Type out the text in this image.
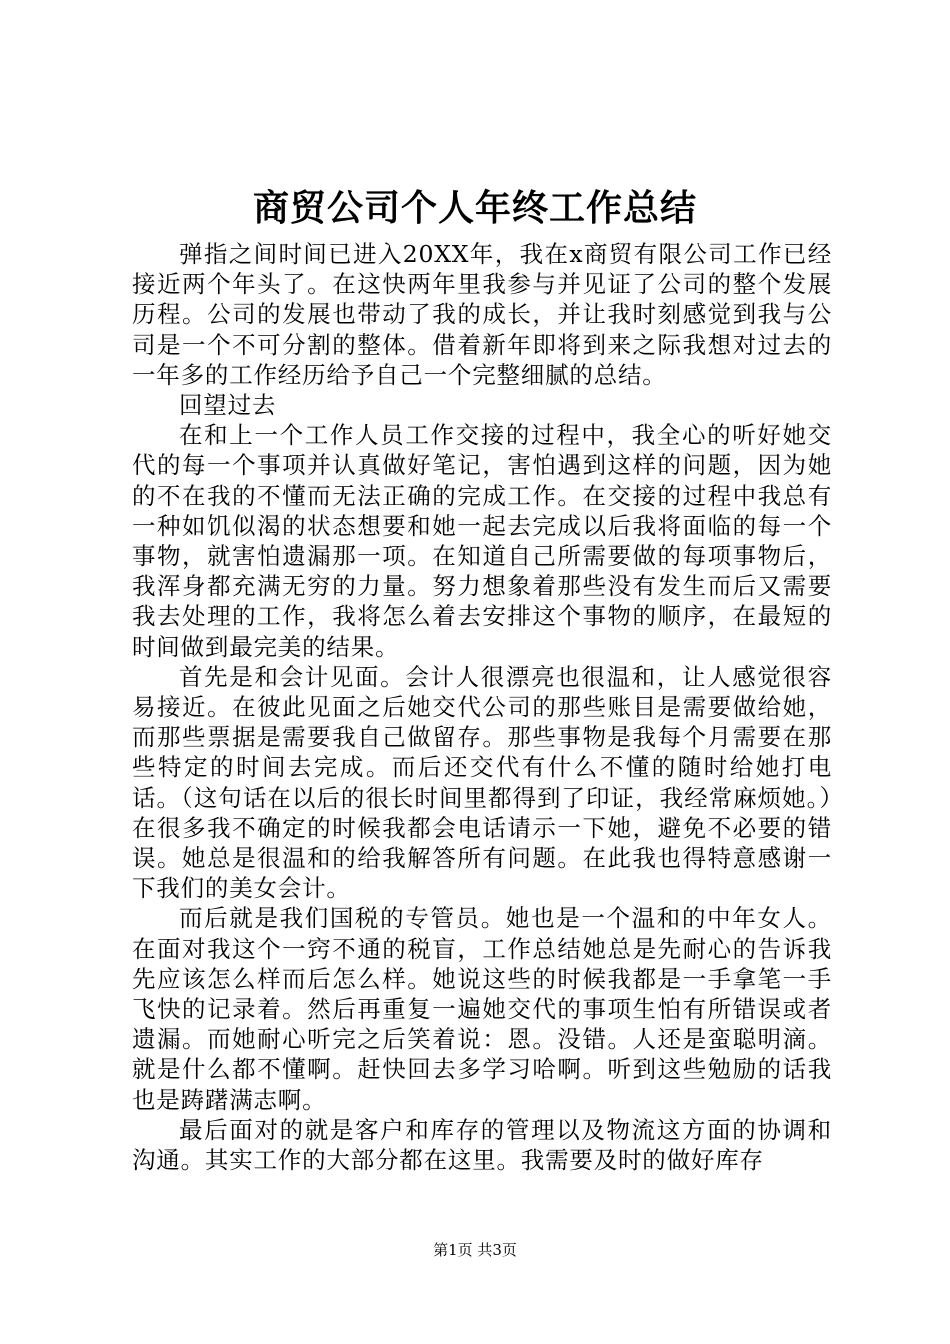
商贸公司个人年终工作总结

弹指之间时间已进入20XX年，我在x商贸有限公司工作已经接近两个年头了。在这快两年里我参与并见证了公司的整个发展历程。公司的发展也带动了我的成长，并让我时刻感觉到我与公司是一个不可分割的整体。借着新年即将到来之际我想对过去的一年多的工作经历给予自己一个完整细腻的总结。

回望过去

在和上一个工作人员工作交接的过程中，我全心的听好她交代的每一个事项并认真做好笔记，害怕遇到这样的问题，因为她的不在我的不懂而无法正确的完成工作。在交接的过程中我总有一种如饥似渴的状态想要和她一起去完成以后我将面临的每一个事物，就害怕遗漏那一项。在知道自己所需要做的每项事物后，我浑身都充满无穷的力量。努力想象着那些没有发生而后又需要我去处理的工作，我将怎么着去安排这个事物的顺序，在最短的时间做到最完美的结果。

首先是和会计见面。会计人很漂亮也很温和，让人感觉很容易接近。在彼此见面之后她交代公司的那些账目是需要做给她，而那些票据是需要我自己做留存。那些事物是我每个月需要在那些特定的时间去完成。而后还交代有什么不懂的随时给她打电话。（这句话在以后的很长时间里都得到了印证，我经常麻烦她。）在很多我不确定的时候我都会电话请示一下她，避免不必要的错误。她总是很温和的给我解答所有问题。在此我也得特意感谢一下我们的美女会计。

而后就是我们国税的专管员。她也是一个温和的中年女人。在面对我这个一窍不通的税盲，工作总结她总是先耐心的告诉我先应该怎么样而后怎么样。她说这些的时候我都是一手拿笔一手飞快的记录着。然后再重复一遍她交代的事项生怕有所错误或者遗漏。而她耐心听完之后笑着说：恩。没错。人还是蛮聪明滴。就是什么都不懂啊。赶快回去多学习哈啊。听到这些勉励的话我也是踌躇满志啊。

最后面对的就是客户和库存的管理以及物流这方面的协调和沟通。其实工作的大部分都在这里。我需要及时的做好库存

第1页 共3页
